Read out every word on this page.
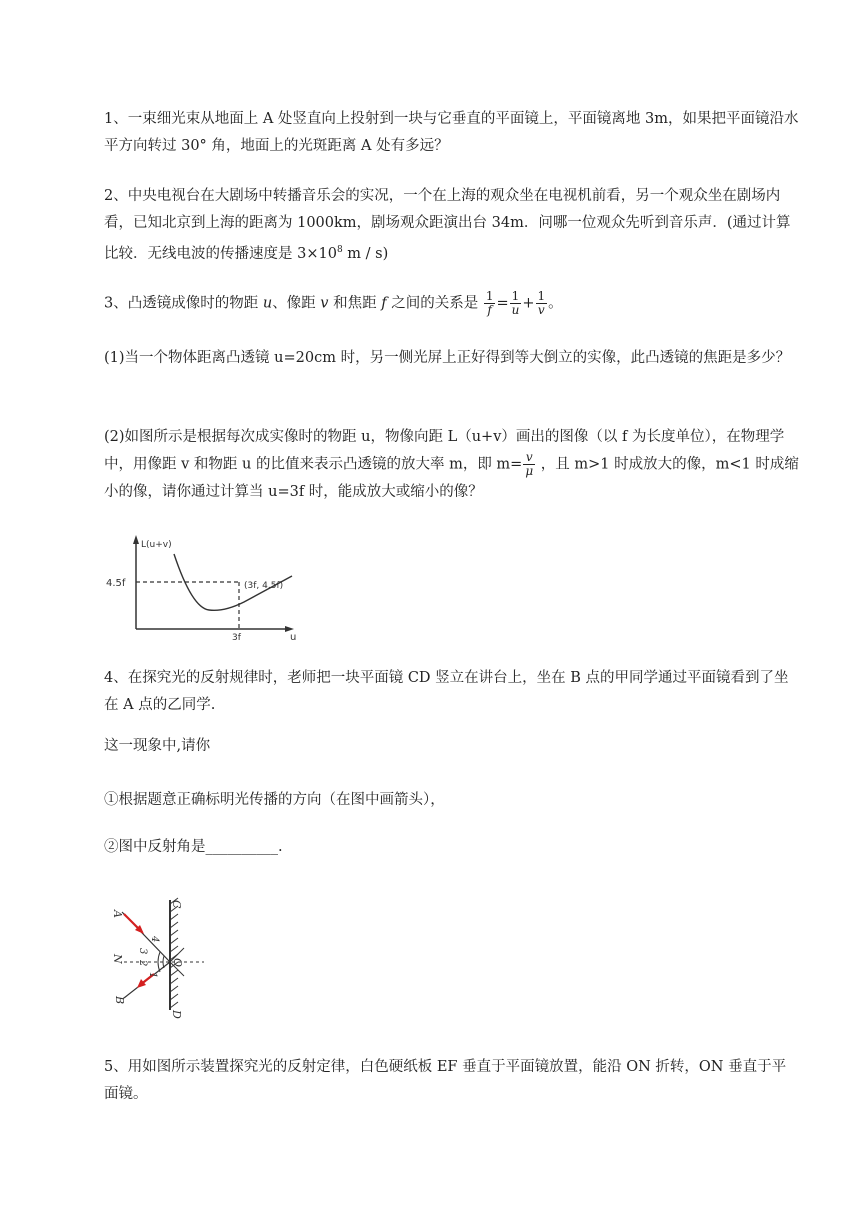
1、一束细光束从地面上 A 处竖直向上投射到一块与它垂直的平面镜上，平面镜离地 3m，如果把平面镜沿水平方向转过 30° 角，地面上的光斑距离 A 处有多远？

2、中央电视台在大剧场中转播音乐会的实况，一个在上海的观众坐在电视机前看，另一个观众坐在剧场内看，已知北京到上海的距离为 1000km，剧场观众距演出台 34m．问哪一位观众先听到音乐声．(通过计算比较．无线电波的传播速度是 $3\times 10^8$ m / s)

3、凸透镜成像时的物距 u、像距 v 和焦距 f 之间的关系是 $\frac{1}{f} = \frac{1}{u} + \frac{1}{v}$ 。

(1)当一个物体距离凸透镜 u=20cm 时，另一侧光屏上正好得到等大倒立的实像，此凸透镜的焦距是多少？

(2)如图所示是根据每次成实像时的物距 u，物像向距 L（u+v）画出的图像（以 f 为长度单位），在物理学中，用像距 v 和物距 u 的比值来表示凸透镜的放大率 m，即 $m= \frac{v}{\mu}$ ，且 m>1 时成放大的像，m<1 时成缩小的像，请你通过计算当 u=3f 时，能成放大或缩小的像？

L(u+v)
4.5f
3f	u
(3f, 4.5f)

4、在探究光的反射规律时，老师把一块平面镜 CD 竖立在讲台上，坐在 B 点的甲同学通过平面镜看到了坐在 A 点的乙同学.

这一现象中,请你

①根据题意正确标明光传播的方向（在图中画箭头），

②图中反射角是__________.

C
D
A
B
N	O
1
2
3
4

5、用如图所示装置探究光的反射定律，白色硬纸板 EF 垂直于平面镜放置，能沿 ON 折转，ON 垂直于平面镜。
